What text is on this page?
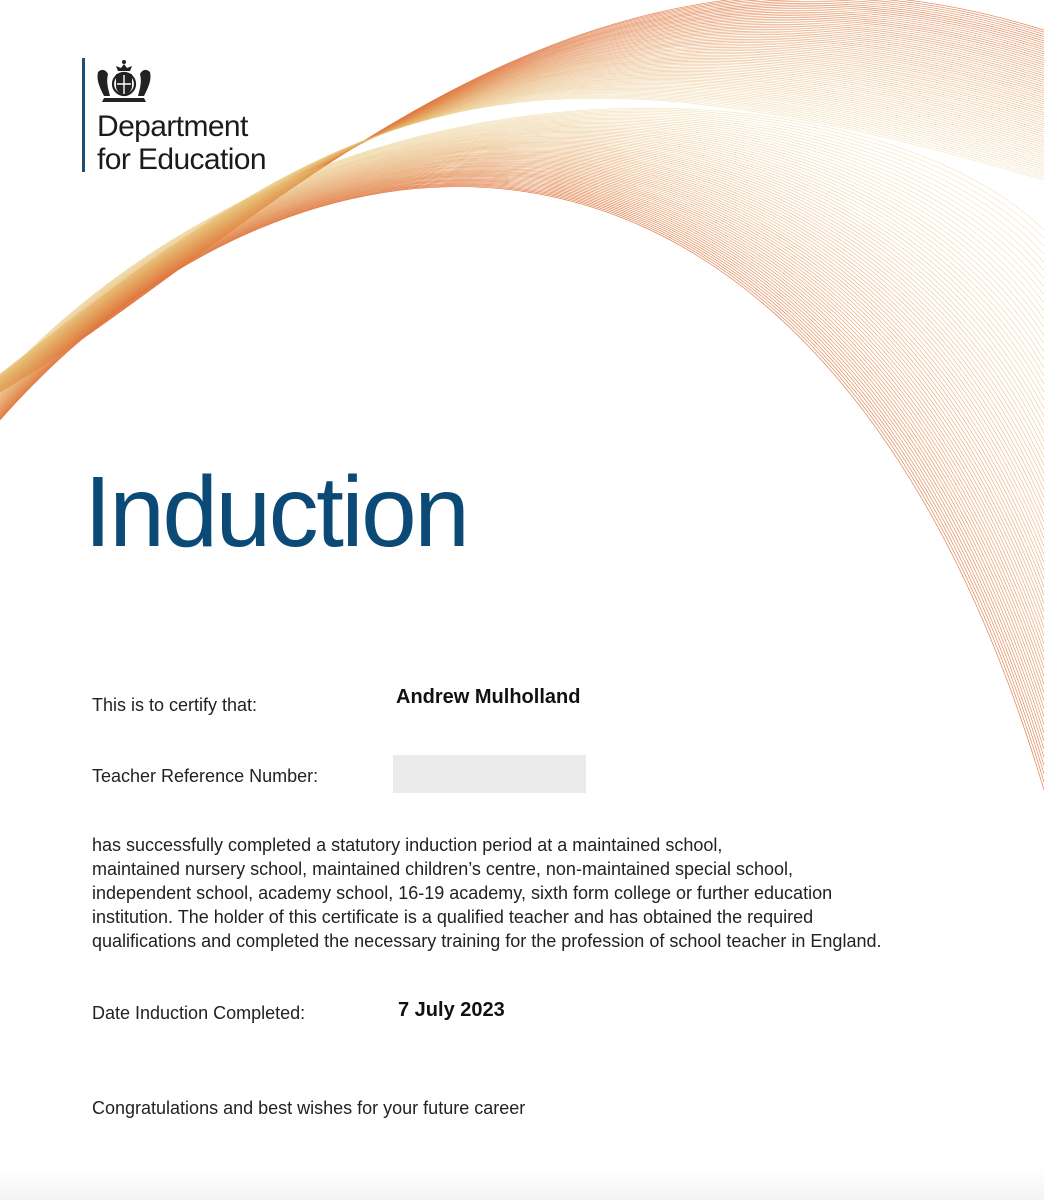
Department
for Education
Induction
This is to certify that:	Andrew Mulholland
Teacher Reference Number:
has successfully completed a statutory induction period at a maintained school,
maintained nursery school, maintained children’s centre, non-maintained special school,
independent school, academy school, 16-19 academy, sixth form college or further education
institution. The holder of this certificate is a qualified teacher and has obtained the required
qualifications and completed the necessary training for the profession of school teacher in England.
Date Induction Completed:	7 July 2023
Congratulations and best wishes for your future career
